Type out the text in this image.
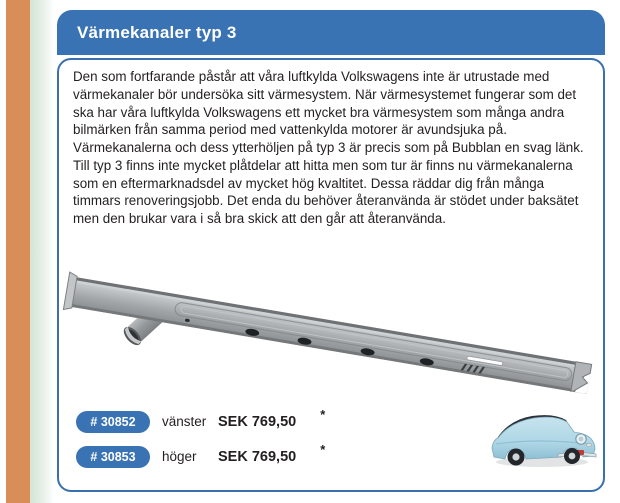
Värmekanaler typ 3

Den som fortfarande påstår att våra luftkylda Volkswagens inte är utrustade med värmekanaler bör undersöka sitt värmesystem. När värmesystemet fungerar som det ska har våra luftkylda Volkswagens ett mycket bra värmesystem som många andra bilmärken från samma period med vattenkylda motorer är avundsjuka på. Värmekanalerna och dess ytterhöljen på typ 3 är precis som på Bubblan en svag länk. Till typ 3 finns inte mycket plåtdelar att hitta men som tur är finns nu värmekanalerna som en eftermarknadsdel av mycket hög kvaltitet. Dessa räddar dig från många timmars renoveringsjobb. Det enda du behöver återanvända är stödet under baksätet men den brukar vara i så bra skick att den går att återanvända.

# 30852 vänster SEK 769,50 *
# 30853 höger SEK 769,50 *
